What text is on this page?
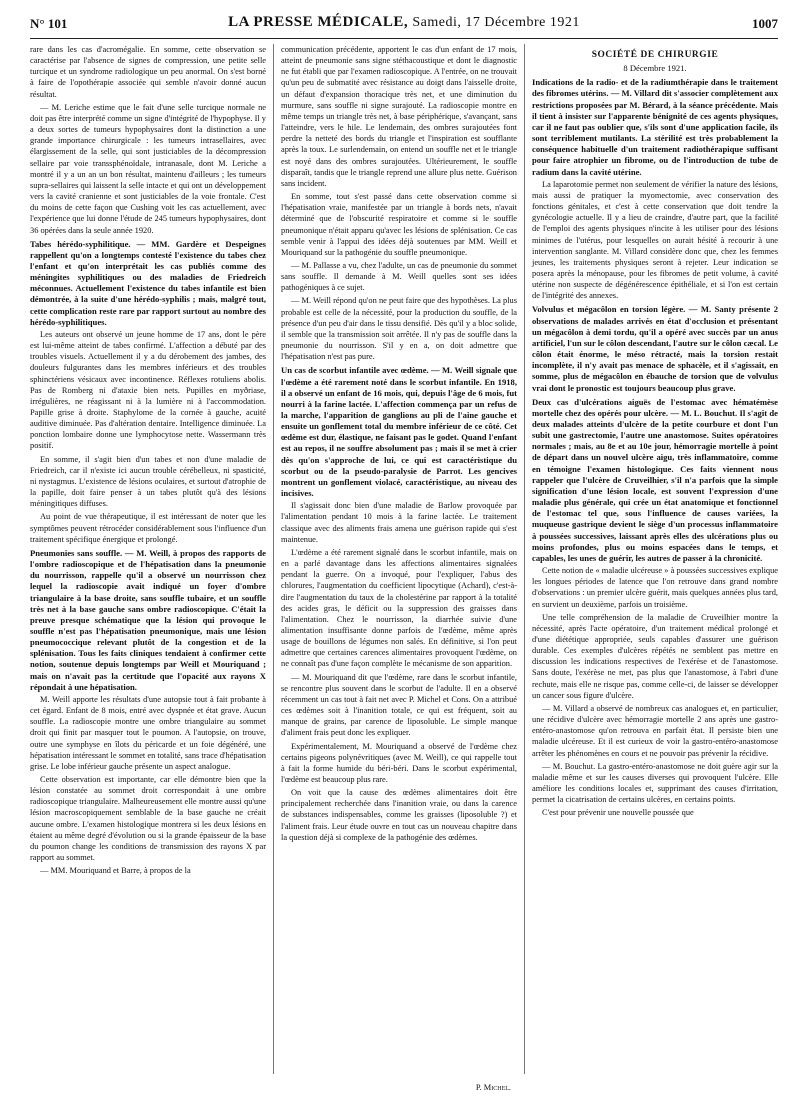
N° 101	LA PRESSE MÉDICALE, Samedi, 17 Décembre 1921	1007

rare dans les cas d'acromégalie. En somme, cette observation se caractérise par l'absence de signes de compression, une petite selle turcique et un syndrome radiologique un peu anormal. On s'est borné à faire de l'opothérapie associée qui semble n'avoir donné aucun résultat.

— M. Leriche estime que le fait d'une selle turcique normale ne doit pas être interprété comme un signe d'intégrité de l'hypophyse. Il y a deux sortes de tumeurs hypophysaires dont la distinction a une grande importance chirurgicale : les tumeurs intrasellaires, avec élargissement de la selle, qui sont justiciables de la décompression sellaire par voie transsphénoïdale, intranasale, dont M. Leriche a montré il y a un an un bon résultat, maintenu d'ailleurs ; les tumeurs supra-sellaires qui laissent la selle intacte et qui ont un développement vers la cavité cranienne et sont justiciables de la voie frontale. C'est du moins de cette façon que Cushing voit les cas actuellement, avec l'expérience que lui donne l'étude de 245 tumeurs hypophysaires, dont 36 opérées dans la seule année 1920.

Tabes hérédo-syphilitique. — MM. Gardère et Despeignes rappellent qu'on a longtemps contesté l'existence du tabes chez l'enfant et qu'on interprétait les cas publiés comme des méningites syphilitiques ou des maladies de Friedreich méconnues. Actuellement l'existence du tabes infantile est bien démontrée, à la suite d'une hérédo-syphilis ; mais, malgré tout, cette complication reste rare par rapport surtout au nombre des hérédo-syphilitiques.

Les auteurs ont observé un jeune homme de 17 ans, dont le père est lui-même atteint de tabes confirmé. L'affection a débuté par des troubles visuels. Actuellement il y a du dérobement des jambes, des douleurs fulgurantes dans les membres inférieurs et des troubles sphinctériens vésicaux avec incontinence. Réflexes rotuliens abolis. Pas de Romberg ni d'ataxie bien nets. Pupilles en myðriase, irrégulières, ne réagissant ni à la lumière ni à l'accommodation. Papille grise à droite. Staphylome de la cornée à gauche, acuité auditive diminuée. Pas d'altération dentaire. Intelligence diminuée. La ponction lombaire donne une lymphocytose nette. Wassermann très positif.

En somme, il s'agit bien d'un tabes et non d'une maladie de Friedreich, car il n'existe ici aucun trouble cérébelleux, ni spasticité, ni nystagmus. L'existence de lésions oculaires, et surtout d'atrophie de la papille, doit faire penser à un tabes plutôt qu'à des lésions méningitiques diffuses.

Au point de vue thérapeutique, il est intéressant de noter que les symptômes peuvent rétrocéder considérablement sous l'influence d'un traitement spécifique énergique et prolongé.

Pneumonies sans souffle. — M. Weill, à propos des rapports de l'ombre radioscopique et de l'hépatisation dans la pneumonie du nourrisson, rappelle qu'il a observé un nourrisson chez lequel la radioscopie avait indiqué un foyer d'ombre triangulaire à la base droite, sans souffle tubaire, et un souffle très net à la base gauche sans ombre radioscopique. C'était la preuve presque schématique que la lésion qui provoque le souffle n'est pas l'hépatisation pneumonique, mais une lésion pneumococcique relevant plutôt de la congestion et de la splénisation. Tous les faits cliniques tendaient à confirmer cette notion, soutenue depuis longtemps par Weill et Mouriquand ; mais on n'avait pas la certitude que l'opacité aux rayons X répondait à une hépatisation.

M. Weill apporte les résultats d'une autopsie tout à fait probante à cet égard. Enfant de 8 mois, entré avec dyspnée et état grave. Aucun souffle. La radioscopie montre une ombre triangulaire au sommet droit qui finit par masquer tout le poumon. A l'autopsie, on trouve, outre une symphyse en îlots du péricarde et un foie dégénéré, une hépatisation intéressant le sommet en totalité, sans trace d'hépatisation grise. Le lobe inférieur gauche présente un aspect analogue.

Cette observation est importante, car elle démontre bien que la lésion constatée au sommet droit correspondait à une ombre radioscopique triangulaire. Malheureusement elle montre aussi qu'une lésion macroscopiquement semblable de la base gauche ne créait aucune ombre. L'examen histologique montrera si les deux lésions en étaient au même degré d'évolution ou si la grande épaisseur de la base du poumon change les conditions de transmission des rayons X par rapport au sommet.

— MM. Mouriquand et Barre, à propos de la

communication précédente, apportent le cas d'un enfant de 17 mois, atteint de pneumonie sans signe stéthacoustique et dont le diagnostic ne fut établi que par l'examen radioscopique. A l'entrée, on ne trouvait qu'un peu de submatité avec résistance au doigt dans l'aisselle droite, un défaut d'expansion thoracique très net, et une diminution du murmure, sans souffle ni signe surajouté. La radioscopie montre en même temps un triangle très net, à base périphérique, s'avançant, sans l'atteindre, vers le hile. Le lendemain, des ombres surajoutées font perdre la netteté des bords du triangle et l'inspiration est soufflante après la toux. Le surlendemain, on entend un souffle net et le triangle est noyé dans des ombres surajoutées. Ultérieurement, le souffle disparaît, tandis que le triangle reprend une allure plus nette. Guérison sans incident.

En somme, tout s'est passé dans cette observation comme si l'hépatisation vraie, manifestée par un triangle à bords nets, n'avait déterminé que de l'obscurité respiratoire et comme si le souffle pneumonique n'était apparu qu'avec les lésions de splénisation. Ce cas semble venir à l'appui des idées déjà soutenues par MM. Weill et Mouriquand sur la pathogénie du souffle pneumonique.

— M. Pallasse a vu, chez l'adulte, un cas de pneumonie du sommet sans souffle. Il demande à M. Weill quelles sont ses idées pathogéniques à ce sujet.

— M. Weill répond qu'on ne peut faire que des hypothèses. La plus probable est celle de la nécessité, pour la production du souffle, de la présence d'un peu d'air dans le tissu densifié. Dès qu'il y a bloc solide, il semble que la transmission soit arrêtée. Il n'y pas de souffle dans la pneumonie du nourrisson. S'il y en a, on doit admettre que l'hépatisation n'est pas pure.

Un cas de scorbut infantile avec œdème. — M. Weill signale que l'œdème a été rarement noté dans le scorbut infantile. En 1918, il a observé un enfant de 16 mois, qui, depuis l'âge de 6 mois, fut nourri à la farine lactée. L'affection commença par un refus de la marche, l'apparition de ganglions au pli de l'aine gauche et ensuite un gonflement total du membre inférieur de ce côté. Cet œdème est dur, élastique, ne faisant pas le godet. Quand l'enfant est au repos, il ne souffre absolument pas ; mais il se met à crier dès qu'on s'approche de lui, ce qui est caractéristique du scorbut ou de la pseudo-paralysie de Parrot. Les gencives montrent un gonflement violacé, caractéristique, au niveau des incisives.

Il s'agissait donc bien d'une maladie de Barlow provoquée par l'alimentation pendant 10 mois à la farine lactée. Le traitement classique avec des aliments frais amena une guérison rapide qui s'est maintenue.

L'œdème a été rarement signalé dans le scorbut infantile, mais on en a parlé davantage dans les affections alimentaires signalées pendant la guerre. On a invoqué, pour l'expliquer, l'abus des chlorures, l'augmentation du coefficient lipocytique (Achard), c'est-à-dire l'augmentation du taux de la cholestérine par rapport à la totalité des acides gras, le déficit ou la suppression des graisses dans l'alimentation. Chez le nourrisson, la diarrhée suivie d'une alimentation insuffisante donne parfois de l'œdème, même après usage de bouillons de légumes non salés. En définitive, si l'on peut admettre que certaines carences alimentaires provoquent l'œdème, on ne connaît pas d'une façon complète le mécanisme de son apparition.

— M. Mouriquand dit que l'œdème, rare dans le scorbut infantile, se rencontre plus souvent dans le scorbut de l'adulte. Il en a observé récemment un cas tout à fait net avec P. Michel et Cons. On a attribué ces œdèmes soit à l'inanition totale, ce qui est fréquent, soit au manque de grains, par carence de liposoluble. Le simple manque d'aliment frais peut donc les expliquer.

Expérimentalement, M. Mouriquand a observé de l'œdème chez certains pigeons polynévritiques (avec M. Weill), ce qui rappelle tout à fait la forme humide du béri-béri. Dans le scorbut expérimental, l'œdème est beaucoup plus rare.

On voit que la cause des œdèmes alimentaires doit être principalement recherchée dans l'inanition vraie, ou dans la carence de substances indispensables, comme les graisses (liposoluble ?) et l'aliment frais. Leur étude ouvre en tout cas un nouveau chapitre dans la question déjà si complexe de la pathogénie des œdèmes.

P. Michel.
SOCIÉTÉ DE CHIRURGIE
8 Décembre 1921.
Indications de la radio- et de la radiumthérapie dans le traitement des fibromes utérins. — M. Villard dit s'associer complètement aux restrictions proposées par M. Bérard, à la séance précédente. Mais il tient à insister sur l'apparente bénignité de ces agents physiques, car il ne faut pas oublier que, s'ils sont d'une application facile, ils sont terriblement mutilants. La stérilité est très probablement la conséquence habituelle d'un traitement radiothérapique suffisant pour faire atrophier un fibrome, ou de l'introduction de tube de radium dans la cavité utérine.

La laparotomie permet non seulement de vérifier la nature des lésions, mais aussi de pratiquer la myomectomie, avec conservation des fonctions génitales, et c'est à cette conservation que doit tendre la gynécologie actuelle. Il y a lieu de craindre, d'autre part, que la facilité de l'emploi des agents physiques n'incite à les utiliser pour des lésions minimes de l'utérus, pour lesquelles on aurait hésité à recourir à une intervention sanglante. M. Villard considère donc que, chez les femmes jeunes, les traitements physiques seront à rejeter. Leur indication se posera après la ménopause, pour les fibromes de petit volume, à cavité utérine non suspecte de dégénérescence épithéliale, et si l'on est certain de l'intégrité des annexes.

Volvulus et mégacôlon en torsion légère. — M. Santy présente 2 observations de malades arrivés en état d'occlusion et présentant un mégacôlon à demi tordu, qu'il a opéré avec succès par un anus artificiel, l'un sur le côlon descendant, l'autre sur le côlon cæcal. Le côlon était énorme, le méso rétracté, mais la torsion restait incomplète, il n'y avait pas menace de sphacèle, et il s'agissait, en somme, plus de mégacôlon en ébauche de torsion que de volvulus vrai dont le pronostic est toujours beaucoup plus grave.
Deux cas d'ulcérations aiguës de l'estomac avec hématémèse mortelle chez des opérés pour ulcère. — M. L. Bouchut. Il s'agit de deux malades atteints d'ulcère de la petite courbure et dont l'un subit une gastrectomie, l'autre une anastomose. Suites opératoires normales ; mais, au 8e et au 10e jour, hémorragie mortelle à point de départ dans un nouvel ulcère aigu, très inflammatoire, comme en témoigne l'examen histologique. Ces faits viennent nous rappeler que l'ulcère de Cruveilhier, s'il n'a parfois que la simple signification d'une lésion locale, est souvent l'expression d'une maladie plus générale, qui crée un état anatomique et fonctionnel de l'estomac tel que, sous l'influence de causes variées, la muqueuse gastrique devient le siège d'un processus inflammatoire à poussées successives, laissant après elles des ulcérations plus ou moins profondes, plus ou moins espacées dans le temps, et capables, les unes de guérir, les autres de passer à la chronicité.

Cette notion de « maladie ulcéreuse » à poussées successives explique les longues périodes de latence que l'on retrouve dans grand nombre d'observations : un premier ulcère guérit, mais quelques années plus tard, en survient un deuxième, parfois un troisième.

Une telle compréhension de la maladie de Cruveilhier montre la nécessité, après l'acte opératoire, d'un traitement médical prolongé et d'une diététique appropriée, seuls capables d'assurer une guérison durable. Ces exemples d'ulcères répétés ne semblent pas mettre en discussion les indications respectives de l'exérèse et de l'anastomose. Sans doute, l'exérèse ne met, pas plus que l'anastomose, à l'abri d'une rechute, mais elle ne risque pas, comme celle-ci, de laisser se développer un cancer sous figure d'ulcère.

— M. Villard a observé de nombreux cas analogues et, en particulier, une récidive d'ulcère avec hémorragie mortelle 2 ans après une gastro-entéro-anastomose qu'on retrouva en parfait état. Il persiste bien une maladie ulcéreuse. Et il est curieux de voir la gastro-entéro-anastomose arrêter les phénomènes en cours et ne pouvoir pas prévenir la récidive.

— M. Bouchut. La gastro-entéro-anastomose ne doit guère agir sur la maladie même et sur les causes diverses qui provoquent l'ulcère. Elle améliore les conditions locales et, supprimant des causes d'irritation, permet la cicatrisation de certains ulcères, en certains points.

C'est pour prévenir une nouvelle poussée que
